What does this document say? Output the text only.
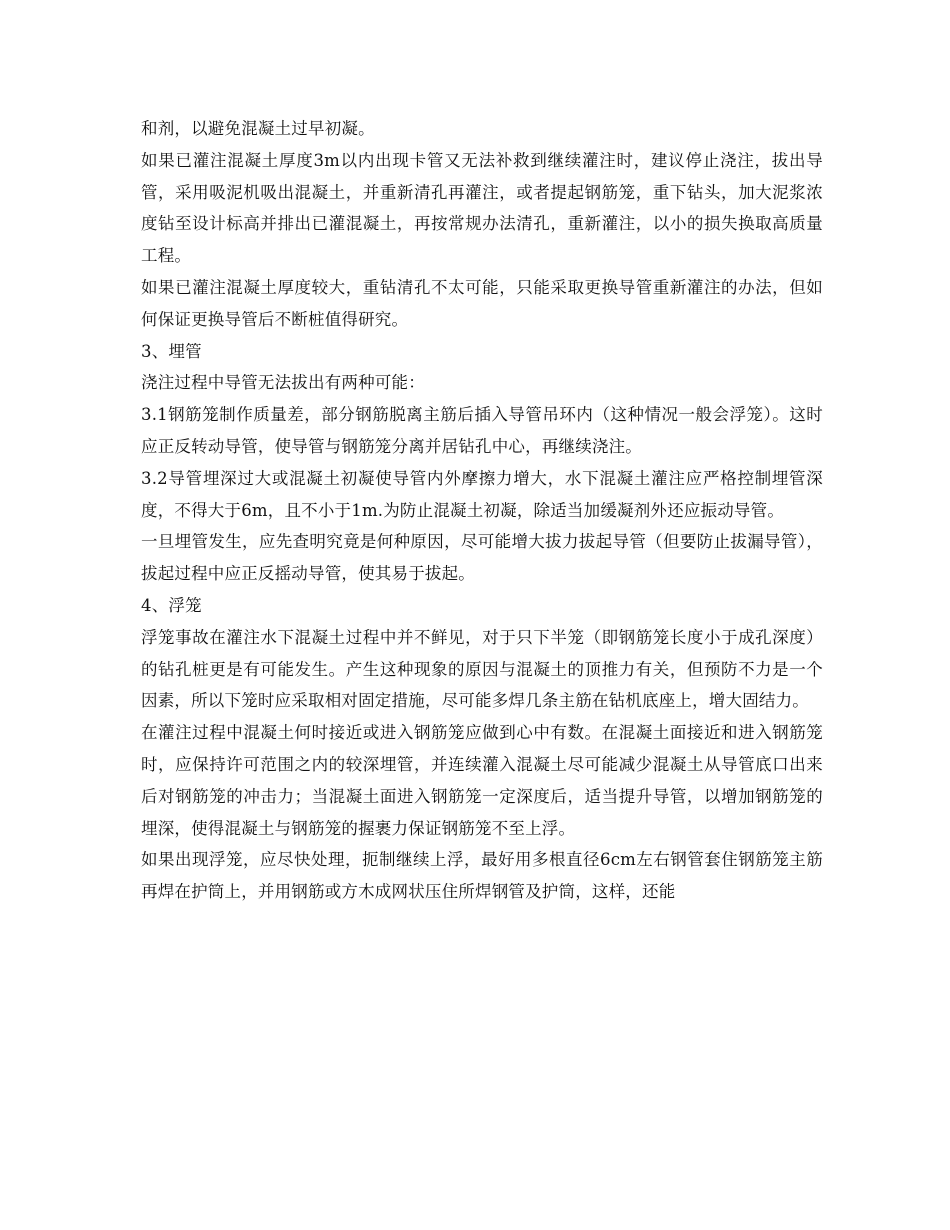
和剂，以避免混凝土过早初凝。

如果已灌注混凝土厚度3m以内出现卡管又无法补救到继续灌注时，建议停止浇注，拔出导管，采用吸泥机吸出混凝土，并重新清孔再灌注，或者提起钢筋笼，重下钻头，加大泥浆浓度钻至设计标高并排出已灌混凝土，再按常规办法清孔，重新灌注，以小的损失换取高质量工程。

如果已灌注混凝土厚度较大，重钻清孔不太可能，只能采取更换导管重新灌注的办法，但如何保证更换导管后不断桩值得研究。

3、埋管

浇注过程中导管无法拔出有两种可能：

3.1钢筋笼制作质量差，部分钢筋脱离主筋后插入导管吊环内（这种情况一般会浮笼）。这时应正反转动导管，使导管与钢筋笼分离并居钻孔中心，再继续浇注。

3.2导管埋深过大或混凝土初凝使导管内外摩擦力增大，水下混凝土灌注应严格控制埋管深度，不得大于6m，且不小于1m.为防止混凝土初凝，除适当加缓凝剂外还应振动导管。

一旦埋管发生，应先查明究竟是何种原因，尽可能增大拔力拔起导管（但要防止拔漏导管），拔起过程中应正反摇动导管，使其易于拔起。

4、浮笼

浮笼事故在灌注水下混凝土过程中并不鲜见，对于只下半笼（即钢筋笼长度小于成孔深度）的钻孔桩更是有可能发生。产生这种现象的原因与混凝土的顶推力有关，但预防不力是一个因素，所以下笼时应采取相对固定措施，尽可能多焊几条主筋在钻机底座上，增大固结力。

在灌注过程中混凝土何时接近或进入钢筋笼应做到心中有数。在混凝土面接近和进入钢筋笼时，应保持许可范围之内的较深埋管，并连续灌入混凝土尽可能减少混凝土从导管底口出来后对钢筋笼的冲击力；当混凝土面进入钢筋笼一定深度后，适当提升导管，以增加钢筋笼的埋深，使得混凝土与钢筋笼的握裹力保证钢筋笼不至上浮。

如果出现浮笼，应尽快处理，扼制继续上浮，最好用多根直径6cm左右钢管套住钢筋笼主筋再焊在护筒上，并用钢筋或方木成网状压住所焊钢管及护筒，这样，还能
